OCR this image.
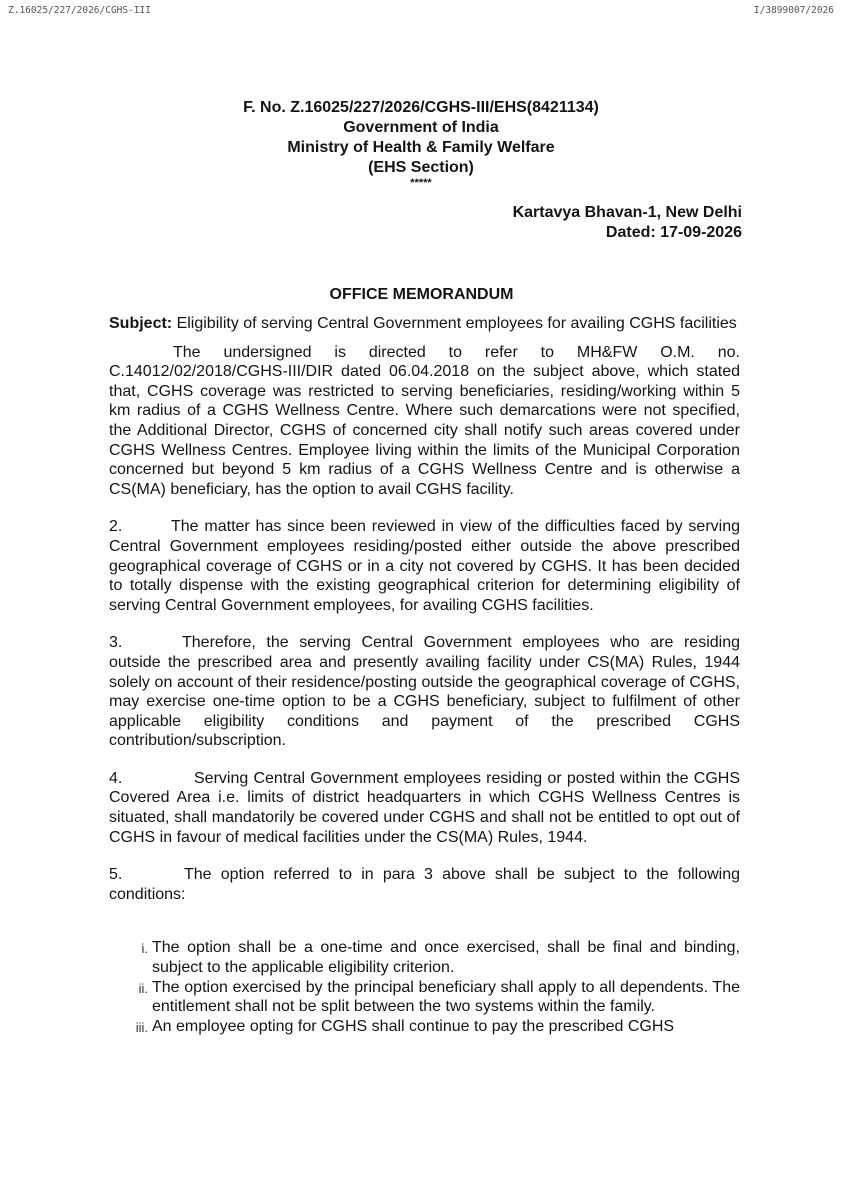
Z.16025/227/2026/CGHS-III	I/3899007/2026
F. No. Z.16025/227/2026/CGHS-III/EHS(8421134)
Government of India
Ministry of Health & Family Welfare
(EHS Section)
*****
Kartavya Bhavan-1, New Delhi
Dated: 17-09-2026
OFFICE MEMORANDUM
Subject: Eligibility of serving Central Government employees for availing CGHS facilities

The undersigned is directed to refer to MH&FW O.M. no. C.14012/02/2018/CGHS-III/DIR dated 06.04.2018 on the subject above, which stated that, CGHS coverage was restricted to serving beneficiaries, residing/working within 5 km radius of a CGHS Wellness Centre. Where such demarcations were not specified, the Additional Director, CGHS of concerned city shall notify such areas covered under CGHS Wellness Centres. Employee living within the limits of the Municipal Corporation concerned but beyond 5 km radius of a CGHS Wellness Centre and is otherwise a CS(MA) beneficiary, has the option to avail CGHS facility.

2.	The matter has since been reviewed in view of the difficulties faced by serving Central Government employees residing/posted either outside the above prescribed geographical coverage of CGHS or in a city not covered by CGHS. It has been decided to totally dispense with the existing geographical criterion for determining eligibility of serving Central Government employees, for availing CGHS facilities.

3.	Therefore, the serving Central Government employees who are residing outside the prescribed area and presently availing facility under CS(MA) Rules, 1944 solely on account of their residence/posting outside the geographical coverage of CGHS, may exercise one-time option to be a CGHS beneficiary, subject to fulfilment of other applicable eligibility conditions and payment of the prescribed CGHS contribution/subscription.

4.	Serving Central Government employees residing or posted within the CGHS Covered Area i.e. limits of district headquarters in which CGHS Wellness Centres is situated, shall mandatorily be covered under CGHS and shall not be entitled to opt out of CGHS in favour of medical facilities under the CS(MA) Rules, 1944.

5.	The option referred to in para 3 above shall be subject to the following conditions:

i. The option shall be a one-time and once exercised, shall be final and binding, subject to the applicable eligibility criterion.
ii. The option exercised by the principal beneficiary shall apply to all dependents. The entitlement shall not be split between the two systems within the family.
iii. An employee opting for CGHS shall continue to pay the prescribed CGHS
